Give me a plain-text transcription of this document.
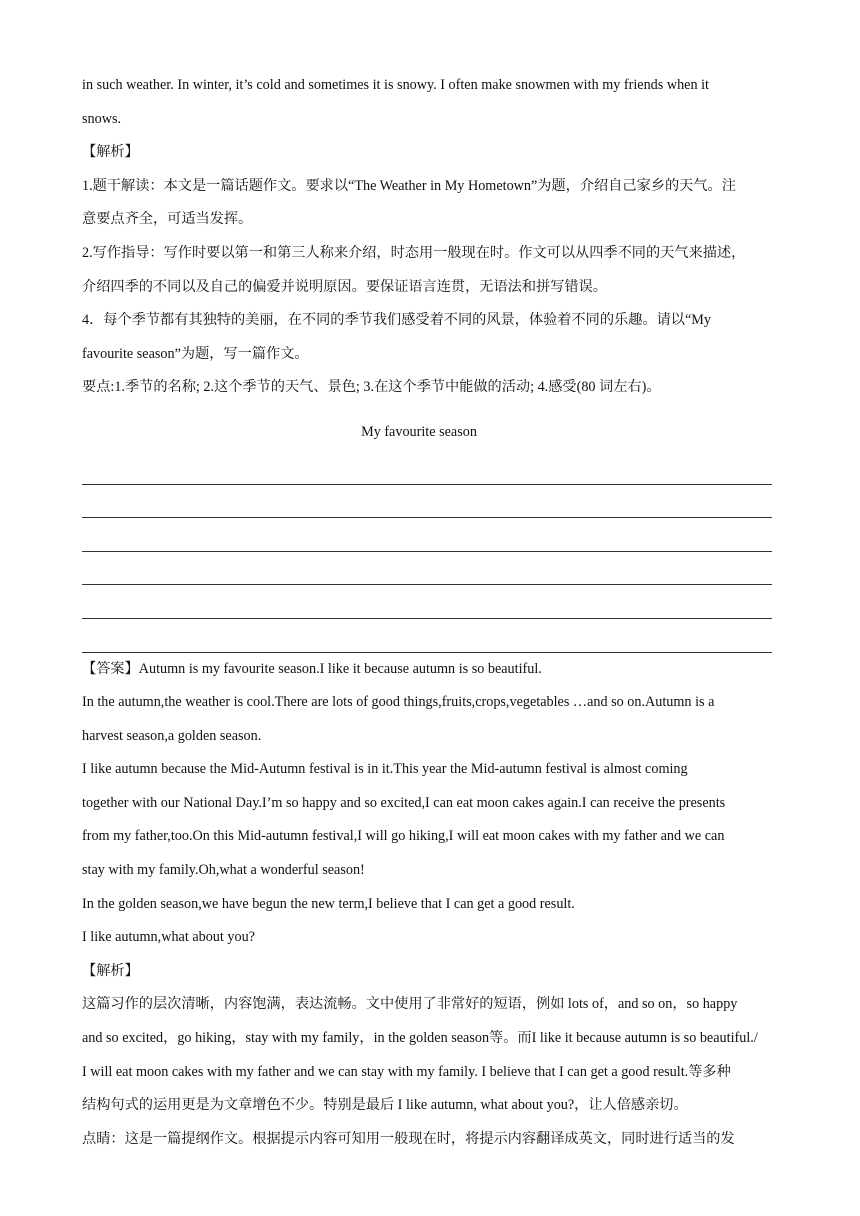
in such weather. In winter, it’s cold and sometimes it is snowy. I often make snowmen with my friends when it

snows.

【解析】

1.题干解读：本文是一篇话题作文。要求以“The Weather in My Hometown”为题，介绍自己家乡的天气。注

意要点齐全，可适当发挥。

2.写作指导：写作时要以第一和第三人称来介绍，时态用一般现在时。作文可以从四季不同的天气来描述，

介绍四季的不同以及自己的偏爱并说明原因。要保证语言连贯，无语法和拼写错误。

4．每个季节都有其独特的美丽，在不同的季节我们感受着不同的风景，体验着不同的乐趣。请以“My

favourite season”为题，写一篇作文。

要点:1.季节的名称; 2.这个季节的天气、景色; 3.在这个季节中能做的活动; 4.感受(80 词左右)。

My favourite season

【答案】Autumn is my favourite season.I like it because autumn is so beautiful.

In the autumn,the weather is cool.There are lots of good things,fruits,crops,vegetables …and so on.Autumn is a

harvest season,a golden season.

I like autumn because the Mid-Autumn festival is in it.This year the Mid-autumn festival is almost coming

together with our National Day.I’m so happy and so excited,I can eat moon cakes again.I can receive the presents

from my father,too.On this Mid-autumn festival,I will go hiking,I will eat moon cakes with my father and we can

stay with my family.Oh,what a wonderful season!

In the golden season,we have begun the new term,I believe that I can get a good result.

I like autumn,what about you?

【解析】

这篇习作的层次清晰，内容饱满，表达流畅。文中使用了非常好的短语，例如 lots of，and so on，so happy

and so excited，go hiking，stay with my family，in the golden season等。而I like it because autumn is so beautiful./

I will eat moon cakes with my father and we can stay with my family. I believe that I can get a good result.等多种

结构句式的运用更是为文章增色不少。特别是最后 I like autumn, what about you?，让人倍感亲切。

点睛：这是一篇提纲作文。根据提示内容可知用一般现在时，将提示内容翻译成英文，同时进行适当的发
